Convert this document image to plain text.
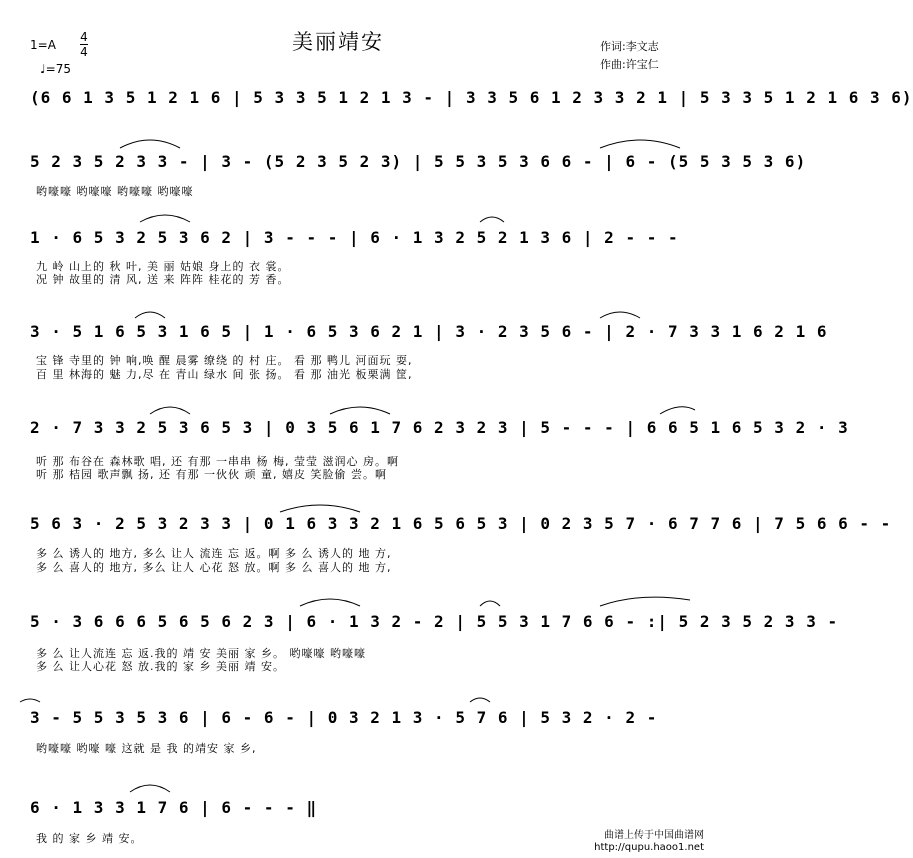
美丽靖安
1=A
4
4
♩=75
作词:李文志
作曲:许宝仁
(6 6 1 3 5 1 2 1 6 | 5 3 3 5 1 2 1 3 - | 3 3 5 6 1 2 3 3 2 1 | 5 3 3 5 1 2 1 6 3 6)
5 2 3 5 2 3 3 - | 3 - (5 2 3 5 2 3) | 5 5 3 5 3 6 6 - | 6 - (5 5 3 5 3 6)
哟嚎嚎 哟嚎嚎 哟嚎嚎 哟嚎嚎
1 · 6 5 3 2 5 3 6 2 | 3 - - - | 6 · 1 3 2 5 2 1 3 6 | 2 - - -
九 岭 山上的 秋 叶, 美 丽 姑娘 身上的 衣 裳。
况 钟 故里的 清 风, 送 来 阵阵 桂花的 芳 香。
3 · 5 1 6 5 3 1 6 5 | 1 · 6 5 3 6 2 1 | 3 · 2 3 5 6 - | 2 · 7 3 3 1 6 2 1 6
宝 锋 寺里的 钟 响,唤 醒 晨雾 缭绕 的 村 庄。 看 那 鸭儿 河面玩 耍,
百 里 林海的 魅 力,尽 在 青山 绿水 间 张 扬。 看 那 油光 板栗满 筐,
2 · 7 3 3 2 5 3 6 5 3 | 0 3 5 6 1 7 6 2 3 2 3 | 5 - - - | 6 6 5 1 6 5 3 2 · 3
听 那 布谷在 森林歌 唱, 还 有那 一串串 杨 梅, 莹莹 滋润心 房。啊
听 那 桔园 歌声飘 扬, 还 有那 一伙伙 顽 童, 嬉皮 笑脸偷 尝。啊
5 6 3 · 2 5 3 2 3 3 | 0 1 6 3 3 2 1 6 5 6 5 3 | 0 2 3 5 7 · 6 7 7 6 | 7 5 6 6 - -
多 么 诱人的 地方, 多么 让人 流连 忘 返。啊 多 么 诱人的 地 方,
多 么 喜人的 地方, 多么 让人 心花 怒 放。啊 多 么 喜人的 地 方,
5 · 3 6 6 6 5 6 5 6 2 3 | 6 · 1 3 2 - 2 | 5 5 3 1 7 6 6 - :| 5 2 3 5 2 3 3 -
多 么 让人流连 忘 返.我的 靖 安 美丽 家 乡。 哟嚎嚎 哟嚎嚎
多 么 让人心花 怒 放.我的 家 乡 美丽 靖 安。
3 - 5 5 3 5 3 6 | 6 - 6 - | 0 3 2 1 3 · 5 7 6 | 5 3 2 · 2 -
哟嚎嚎 哟嚎 嚎 这就 是 我 的靖安 家 乡,
6 · 1 3 3 1 7 6 | 6 - - - ‖
我 的 家 乡 靖 安。	曲谱上传于中国曲谱网
http://qupu.haoo1.net
